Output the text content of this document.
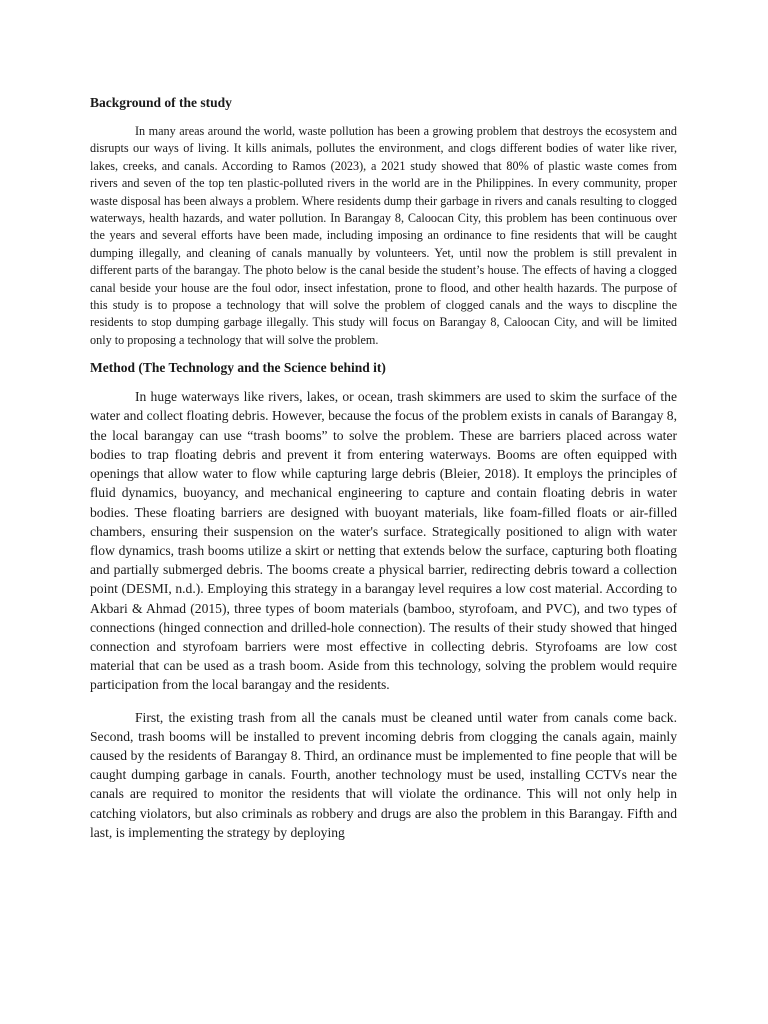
Background of the study

In many areas around the world, waste pollution has been a growing problem that destroys the ecosystem and disrupts our ways of living. It kills animals, pollutes the environment, and clogs different bodies of water like river, lakes, creeks, and canals. According to Ramos (2023), a 2021 study showed that 80% of plastic waste comes from rivers and seven of the top ten plastic-polluted rivers in the world are in the Philippines. In every community, proper waste disposal has been always a problem. Where residents dump their garbage in rivers and canals resulting to clogged waterways, health hazards, and water pollution. In Barangay 8, Caloocan City, this problem has been continuous over the years and several efforts have been made, including imposing an ordinance to fine residents that will be caught dumping illegally, and cleaning of canals manually by volunteers. Yet, until now the problem is still prevalent in different parts of the barangay. The photo below is the canal beside the student’s house. The effects of having a clogged canal beside your house are the foul odor, insect infestation, prone to flood, and other health hazards. The purpose of this study is to propose a technology that will solve the problem of clogged canals and the ways to discpline the residents to stop dumping garbage illegally. This study will focus on Barangay 8, Caloocan City, and will be limited only to proposing a technology that will solve the problem.

Method (The Technology and the Science behind it)

In huge waterways like rivers, lakes, or ocean, trash skimmers are used to skim the surface of the water and collect floating debris. However, because the focus of the problem exists in canals of Barangay 8, the local barangay can use “trash booms” to solve the problem. These are barriers placed across water bodies to trap floating debris and prevent it from entering waterways. Booms are often equipped with openings that allow water to flow while capturing large debris (Bleier, 2018). It employs the principles of fluid dynamics, buoyancy, and mechanical engineering to capture and contain floating debris in water bodies. These floating barriers are designed with buoyant materials, like foam-filled floats or air-filled chambers, ensuring their suspension on the water's surface. Strategically positioned to align with water flow dynamics, trash booms utilize a skirt or netting that extends below the surface, capturing both floating and partially submerged debris. The booms create a physical barrier, redirecting debris toward a collection point (DESMI, n.d.). Employing this strategy in a barangay level requires a low cost material. According to Akbari & Ahmad (2015), three types of boom materials (bamboo, styrofoam, and PVC), and two types of connections (hinged connection and drilled-hole connection). The results of their study showed that hinged connection and styrofoam barriers were most effective in collecting debris. Styrofoams are low cost material that can be used as a trash boom. Aside from this technology, solving the problem would require participation from the local barangay and the residents.

First, the existing trash from all the canals must be cleaned until water from canals come back. Second, trash booms will be installed to prevent incoming debris from clogging the canals again, mainly caused by the residents of Barangay 8. Third, an ordinance must be implemented to fine people that will be caught dumping garbage in canals. Fourth, another technology must be used, installing CCTVs near the canals are required to monitor the residents that will violate the ordinance. This will not only help in catching violators, but also criminals as robbery and drugs are also the problem in this Barangay. Fifth and last, is implementing the strategy by deploying
